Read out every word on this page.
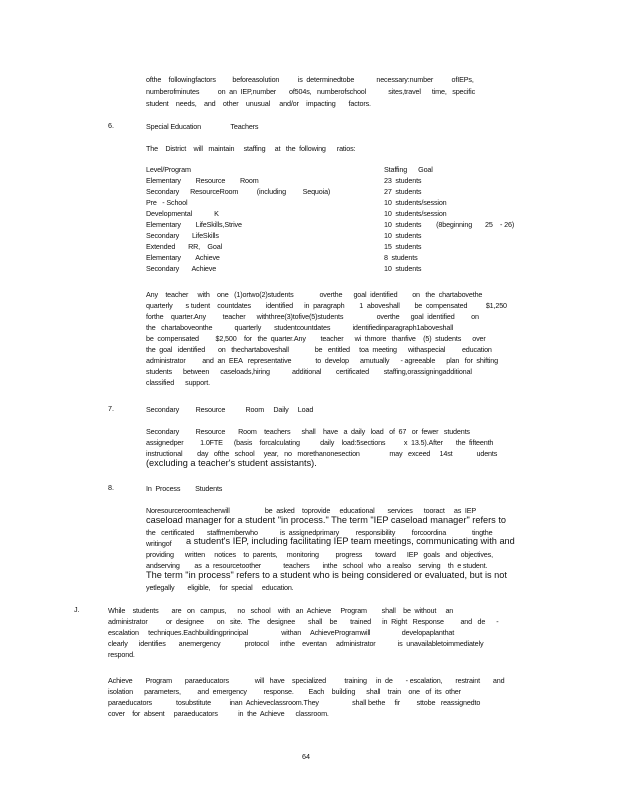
ofthe    followingfactors         beforeasolution          is  determinedtobe            necessary:number          ofIEPs,
numberofminutes          on  an  IEP,number       of504s,   numberofschool            sites,travel      time,   specific
student    needs,    and    other    unusual     and/or    impacting       factors.
6.	Special Education                Teachers
The    District    will   maintain     staffing     at   the  following      ratios:
Level/Program	Staffing      Goal
Elementary        Resource        Room	23  students
Secondary      ResourceRoom          (including         Sequoia)	27  students
Pre   - School	10  students/session
Developmental            K	10  students/session
Elementary        LifeSkills,Strive	10  students        (8beginning       25    - 26)
Secondary       LifeSkills	10  students
Extended       RR,    Goal	15  students
Elementary        Achieve	8  students
Secondary       Achieve	10  students
Any    teacher     with    one   (1)ortwo(2)students              overthe      goal  identified        on   the  chartabovethe
quarterly       s tudent    countdates        identified      in  paragraph        1  aboveshall        be  compensated          $1,250
forthe    quarter.Any         teacher      withthree(3)tofive(5)students                  overthe      goal  identified         on
the   chartaboveonthe            quarterly       studentcountdates            identifiedinparagraph1aboveshall
be  compensated         $2,500    for   the  quarter.Any        teacher      wi  thmore   thanfive    (5)  students      over
the  goal   identified       on   thechartaboveshall              be   entitled     toa  meeting      withaspecial         education
administrator         and  an  EEA   representative             to  develop      amutually      - agreeable      plan   for  shifting
students      between      caseloads,hiring            additional        certificated        staffing,orassigningadditional
classified      support.
7.	Secondary         Resource           Room     Daily     Load
Secondary         Resource       Room    teachers      shall    have   a  daily   load   of  67   or  fewer   students
assignedper         1.0FTE      (basis    forcalculating           daily    load:5sections          x  13.5).After       the  fifteenth
instructional        day   ofthe   school     year,   no   morethanonesection                may   exceed     14st             udents
(excluding a teacher's student assistants).
8.	In  Process        Students
Noresourceroomteacherwill                   be  asked    toprovide     educational       services      tooract     as  IEP
caseload manager for a student "in process." The term "IEP caseload manager" refers to
the   certificated       staffmemberwho            is  assignedprimary         responsibility         forcoordina              tingthe
writingof a student's IEP, including facilitating IEP team meetings, communicating with and
providing      written     notices    to  parents,     monitoring         progress       toward      IEP   goals   and  objectives,
andserving        as  a  resourcetoother            teachers       inthe   school   who   a realso    serving    th  e student.
The term "in process" refers to a student who is being considered or evaluated, but is not
yetlegally       eligible,     for  special     education.
J.	While    students       are   on   campus,      no   school    with   an  Achieve     Program        shall    be  without     an
administrator          or  designee       on   site.   The    designee       shall    be       trained      in  Right   Response         and   de      -
escalation     techniques.Eachbuildingprincipal                  withan     AchieveProgramwill                 developaplanthat
clearly      identifies       anemergency             protocol      inthe    eventan     administrator            is  unavailabletoimmediately
respond.
Achieve       Program       paraeducators              will   have    specialized          training     in  de       - escalation,       restraint       and
isolation      parameters,         and  emergency         response.        Each    building      shall    train    one   of  its  other
paraeducators             tosubstitute          inan  Achieveclassroom.They                  shall bethe     fir         sttobe   reassignedto
cover    for  absent     paraeducators           in  the  Achieve      classroom.
64
